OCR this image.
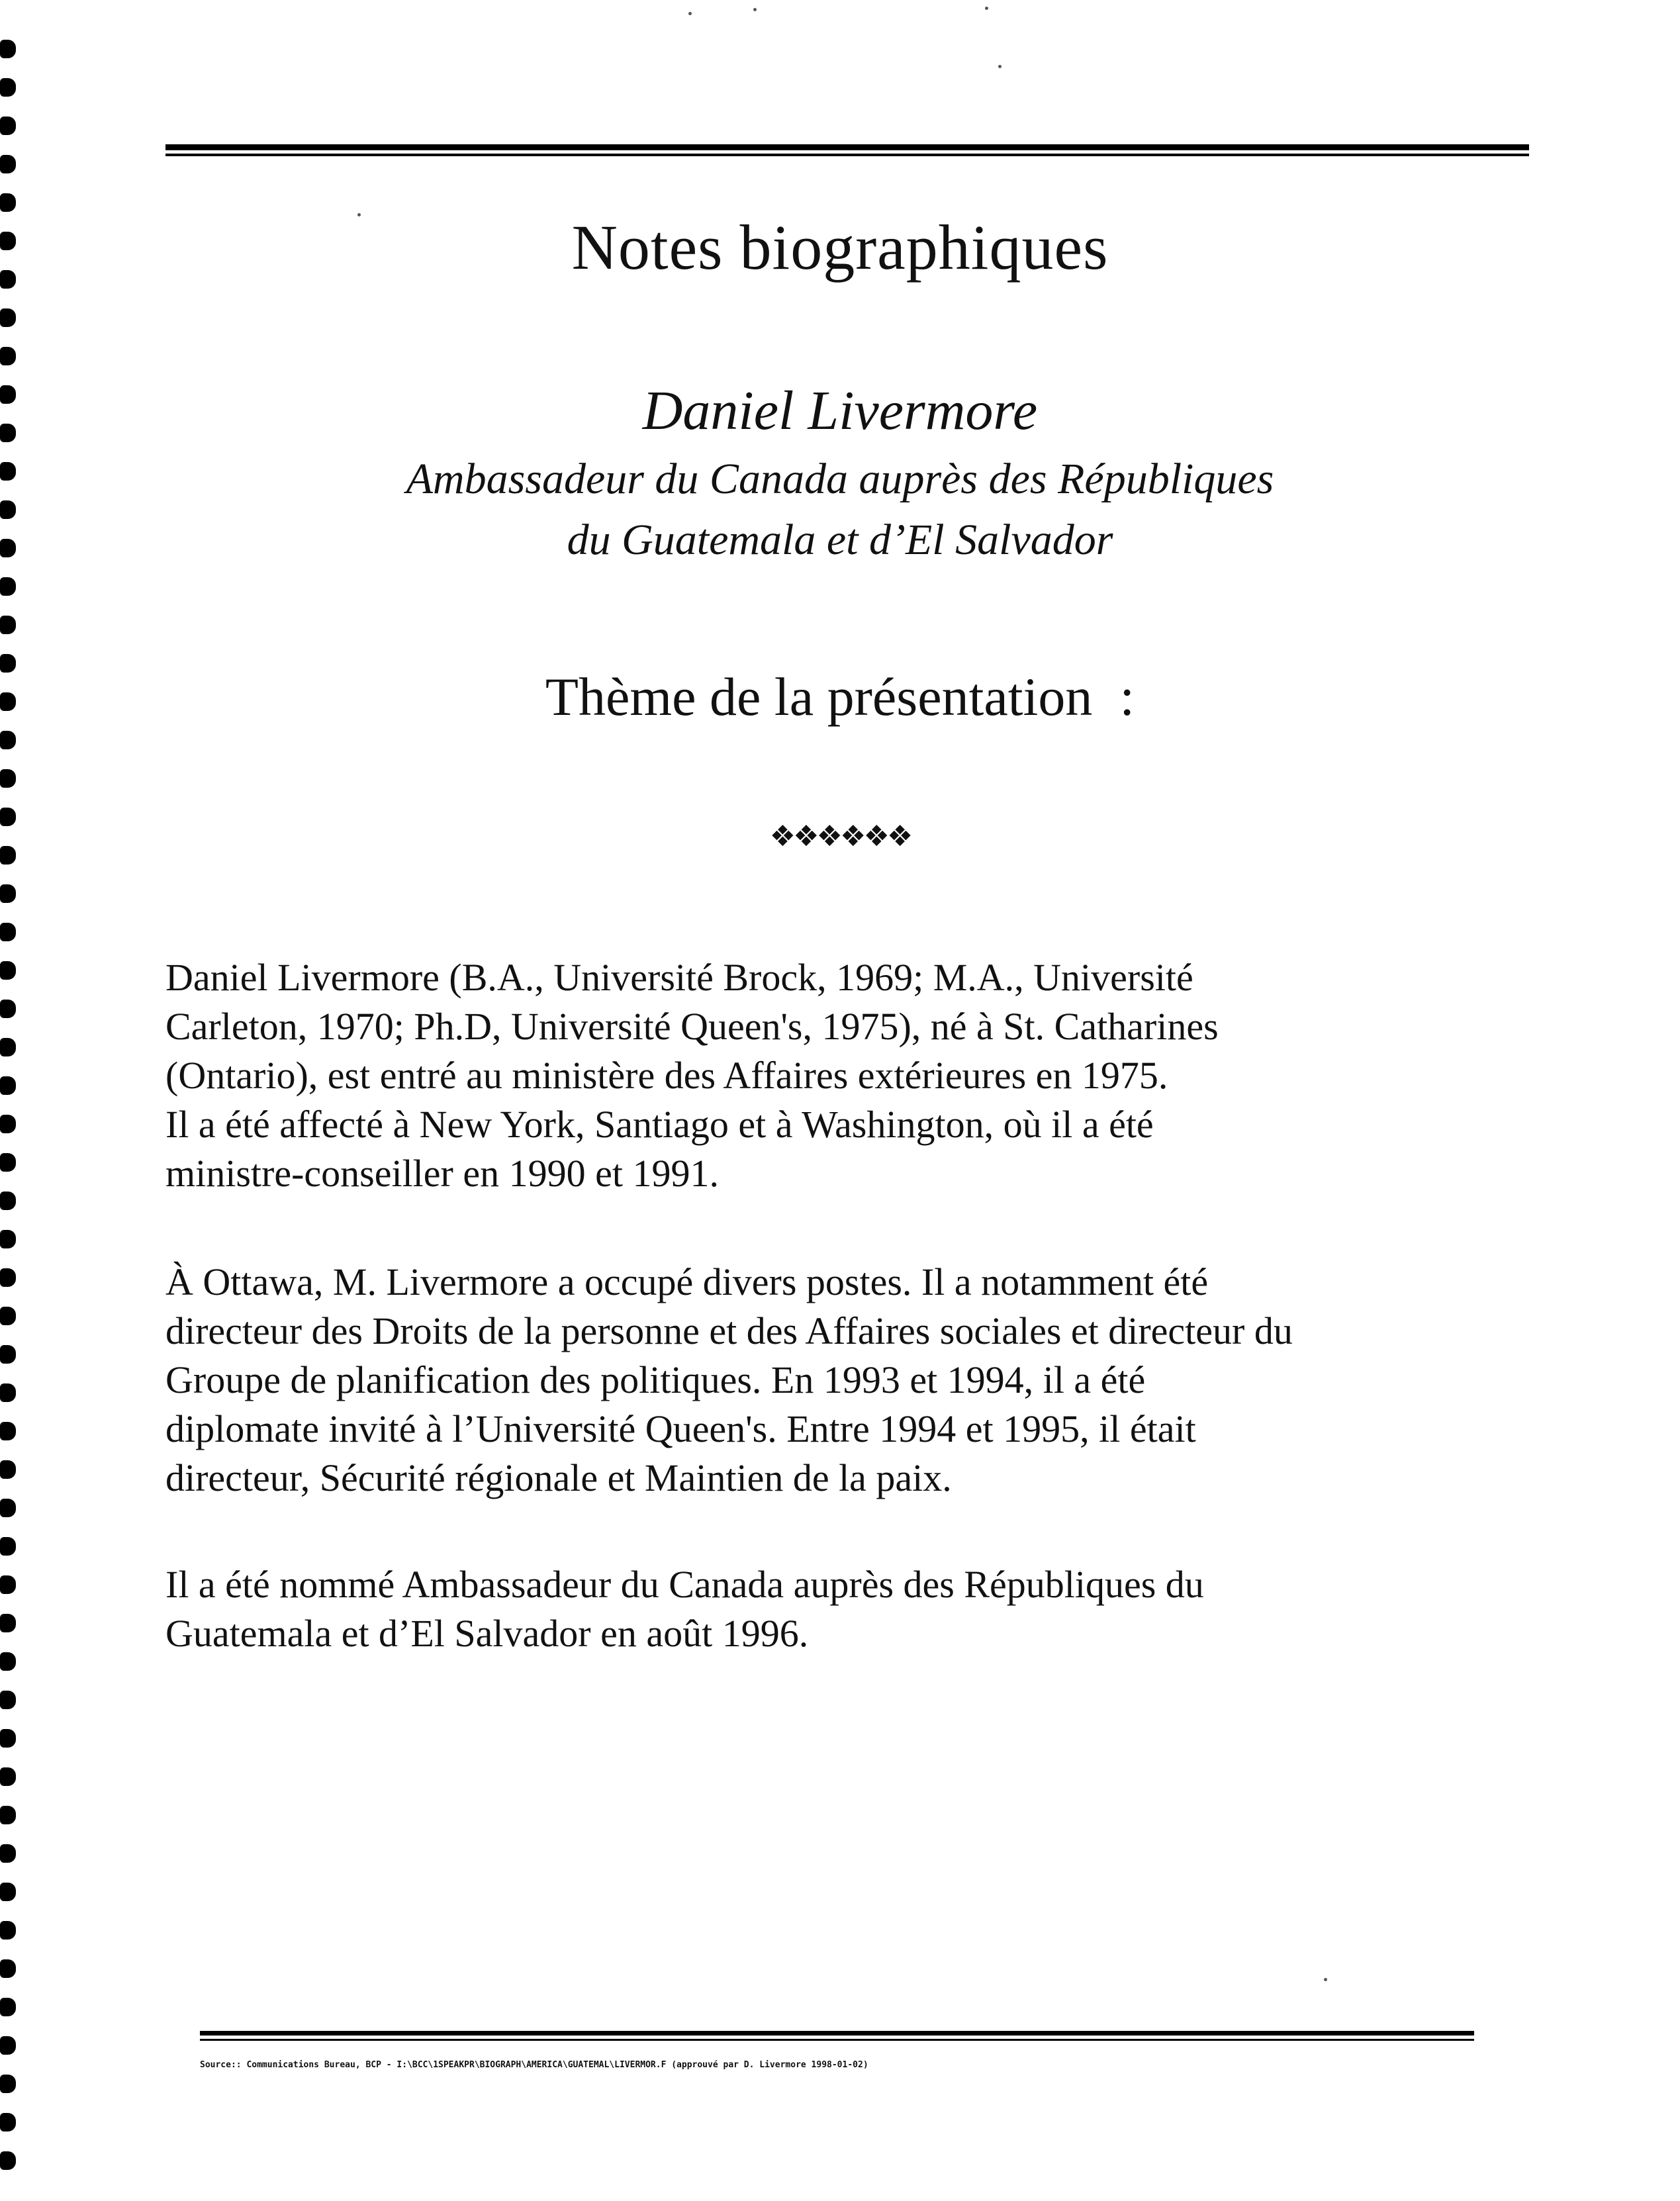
Notes biographiques
Daniel Livermore
Ambassadeur du Canada auprès des Républiques
du Guatemala et d’El Salvador
Thème de la présentation  :
❖❖❖❖❖❖

Daniel Livermore (B.A., Université Brock, 1969; M.A., Université

Carleton, 1970; Ph.D, Université Queen's, 1975), né à St. Catharines

(Ontario), est entré au ministère des Affaires extérieures en 1975.

Il a été affecté à New York, Santiago et à Washington, où il a été

ministre-conseiller en 1990 et 1991.

À Ottawa, M. Livermore a occupé divers postes. Il a notamment été

directeur des Droits de la personne et des Affaires sociales et directeur du

Groupe de planification des politiques. En 1993 et 1994, il a été

diplomate invité à l’Université Queen's. Entre 1994 et 1995, il était

directeur, Sécurité régionale et Maintien de la paix.

Il a été nommé Ambassadeur du Canada auprès des Républiques du

Guatemala et d’El Salvador en août 1996.

Source:: Communications Bureau, BCP - I:\BCC\1SPEAKPR\BIOGRAPH\AMERICA\GUATEMAL\LIVERMOR.F (approuvé par D. Livermore 1998-01-02)
